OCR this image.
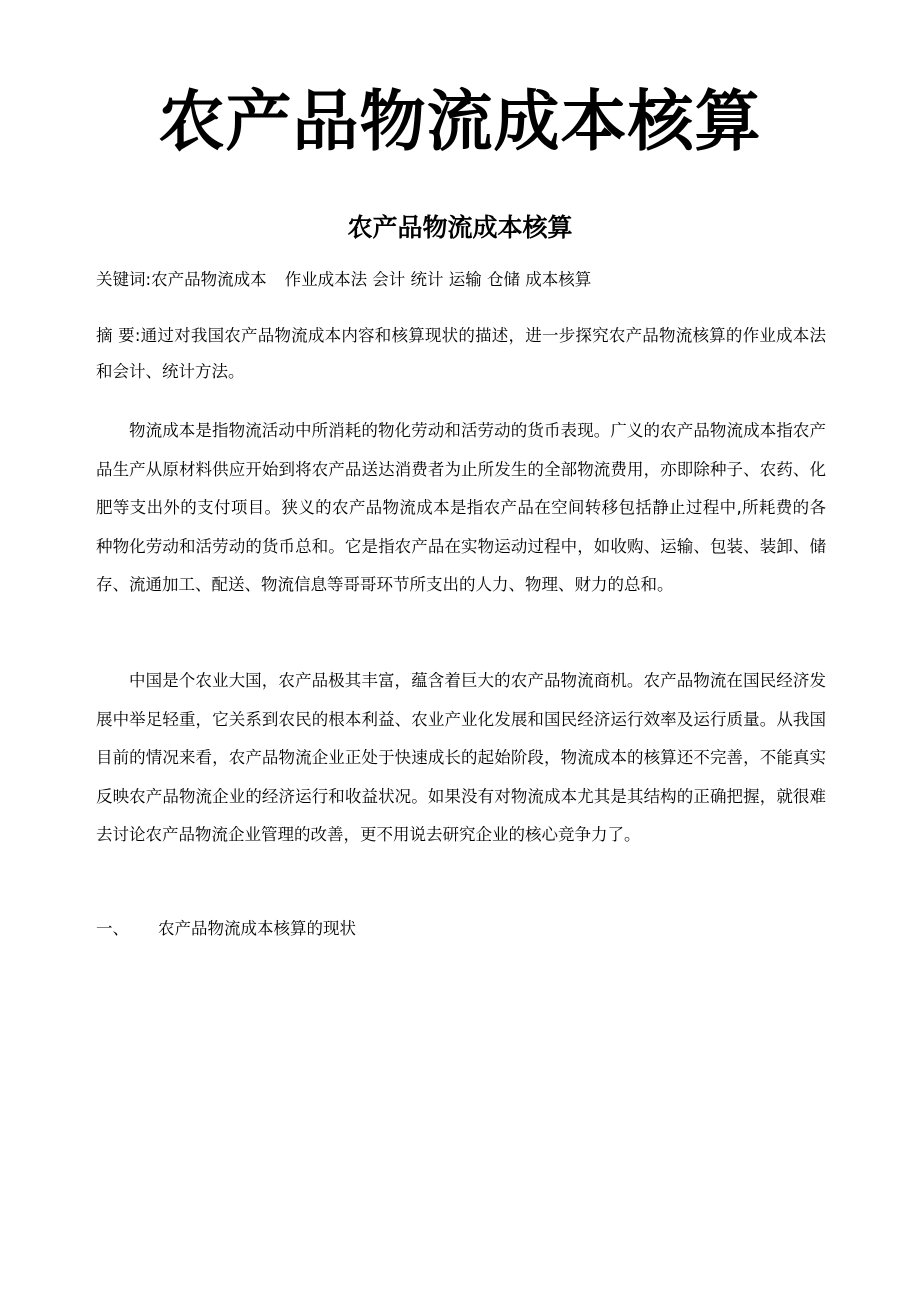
农产品物流成本核算
农产品物流成本核算
关键词:农产品物流成本 作业成本法 会计 统计 运输 仓储 成本核算
摘 要:通过对我国农产品物流成本内容和核算现状的描述，进一步探究农产品物流核算的作业成本法和会计、统计方法。
物流成本是指物流活动中所消耗的物化劳动和活劳动的货币表现。广义的农产品物流成本指农产品生产从原材料供应开始到将农产品送达消费者为止所发生的全部物流费用，亦即除种子、农药、化肥等支出外的支付项目。狭义的农产品物流成本是指农产品在空间转移包括静止过程中,所耗费的各种物化劳动和活劳动的货币总和。它是指农产品在实物运动过程中，如收购、运输、包装、装卸、储存、流通加工、配送、物流信息等哥哥环节所支出的人力、物理、财力的总和。
中国是个农业大国，农产品极其丰富，蕴含着巨大的农产品物流商机。农产品物流在国民经济发展中举足轻重，它关系到农民的根本利益、农业产业化发展和国民经济运行效率及运行质量。从我国目前的情况来看，农产品物流企业正处于快速成长的起始阶段，物流成本的核算还不完善，不能真实反映农产品物流企业的经济运行和收益状况。如果没有对物流成本尤其是其结构的正确把握，就很难去讨论农产品物流企业管理的改善，更不用说去研究企业的核心竞争力了。
一、 农产品物流成本核算的现状
